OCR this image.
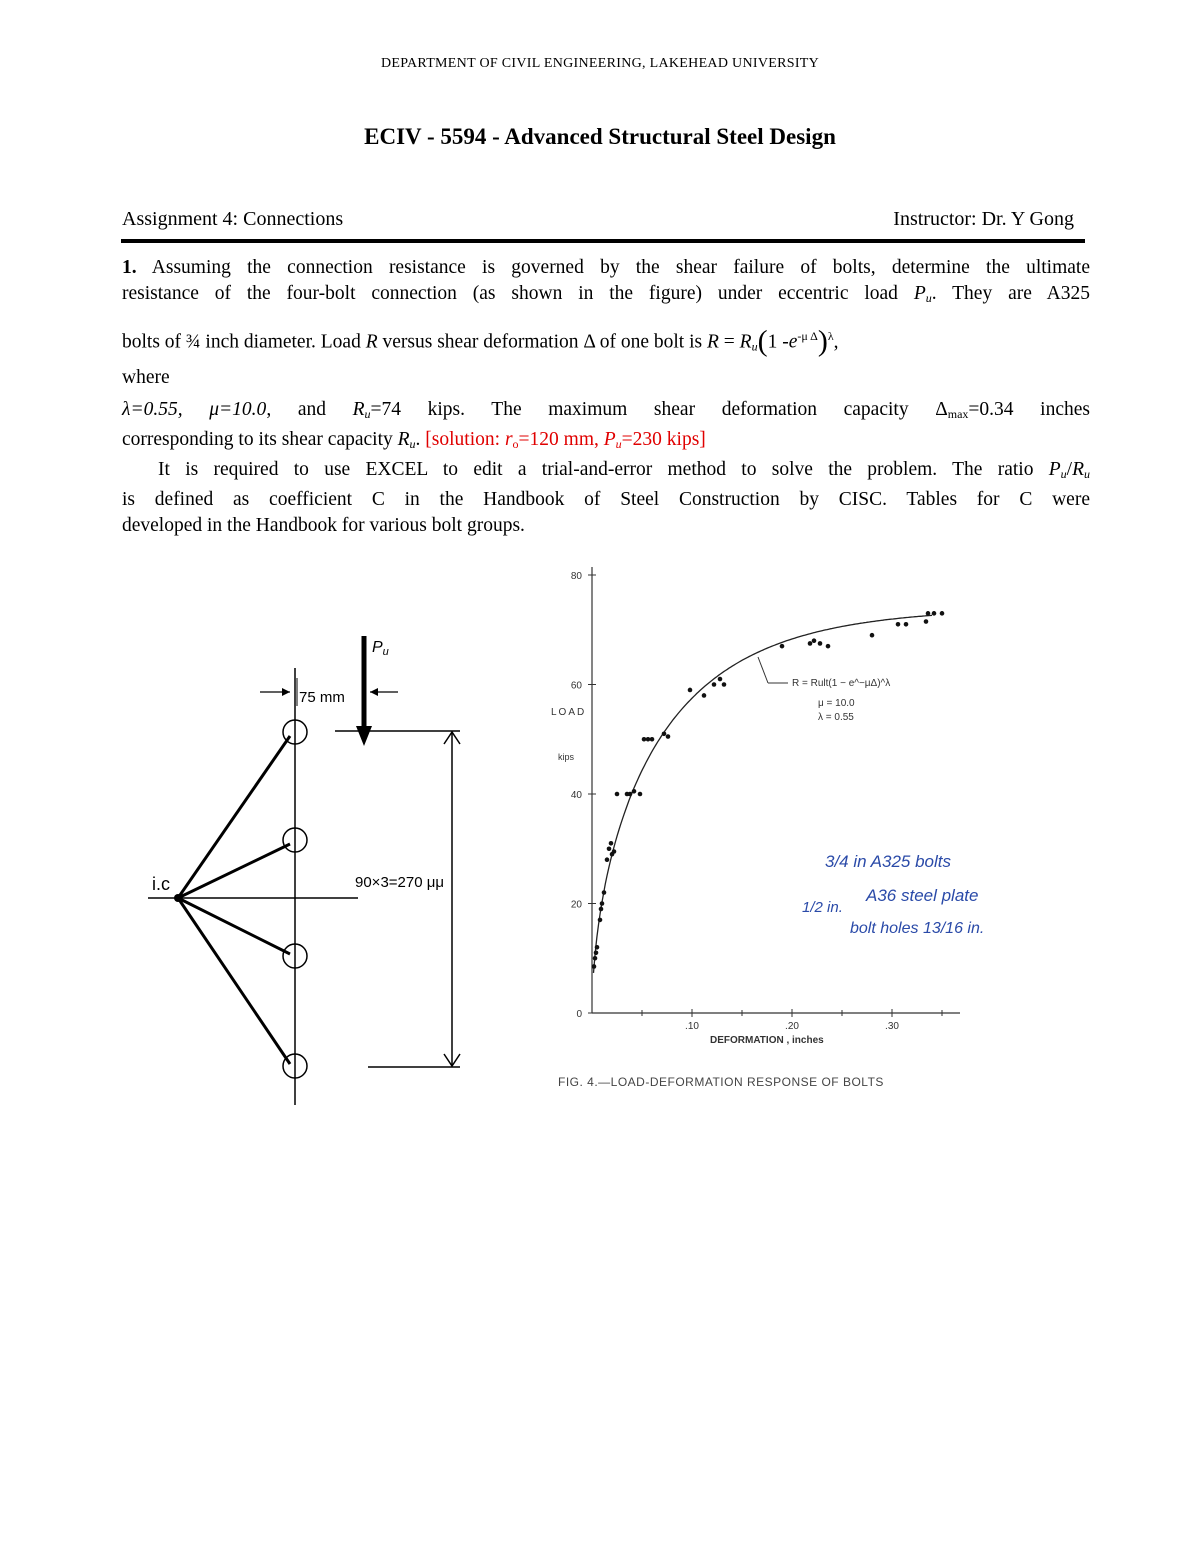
DEPARTMENT OF CIVIL ENGINEERING, LAKEHEAD UNIVERSITY
ECIV - 5594 - Advanced Structural Steel Design
Assignment 4: Connections	Instructor: Dr. Y Gong
1. Assuming the connection resistance is governed by the shear failure of bolts, determine the ultimate
resistance of the four-bolt connection (as shown in the figure) under eccentric load $P_u$. They are A325
bolts of ¾ inch diameter. Load R versus shear deformation Δ of one bolt is $R = R_u(1$ $-e^{-\mu \Delta})^\lambda$,
where
λ=0.55, μ=10.0, and $R_u=74$ kips. The maximum shear deformation capacity $\Delta_{max}=0.34$ inches
corresponding to its shear capacity $R_u$. [solution: $r_o=120$ mm, $P_u=230$ kips]
It is required to use EXCEL to edit a trial-and-error method to solve the problem. The ratio $P_u/R_u$
is defined as coefficient C in the Handbook of Steel Construction by CISC. Tables for C were
developed in the Handbook for various bolt groups.
i.c
Pu
75 mm
90×3=270 μμ
0
20
40
60
80
.10	.20	.30
LOAD
kips
DEFORMATION , inches
R = Rult(1 − e^−μΔ)^λ
μ = 10.0
λ = 0.55
FIG. 4.—LOAD-DEFORMATION RESPONSE OF BOLTS
3/4 in A325 bolts
1/2 in.
A36 steel plate
bolt holes 13/16 in.
